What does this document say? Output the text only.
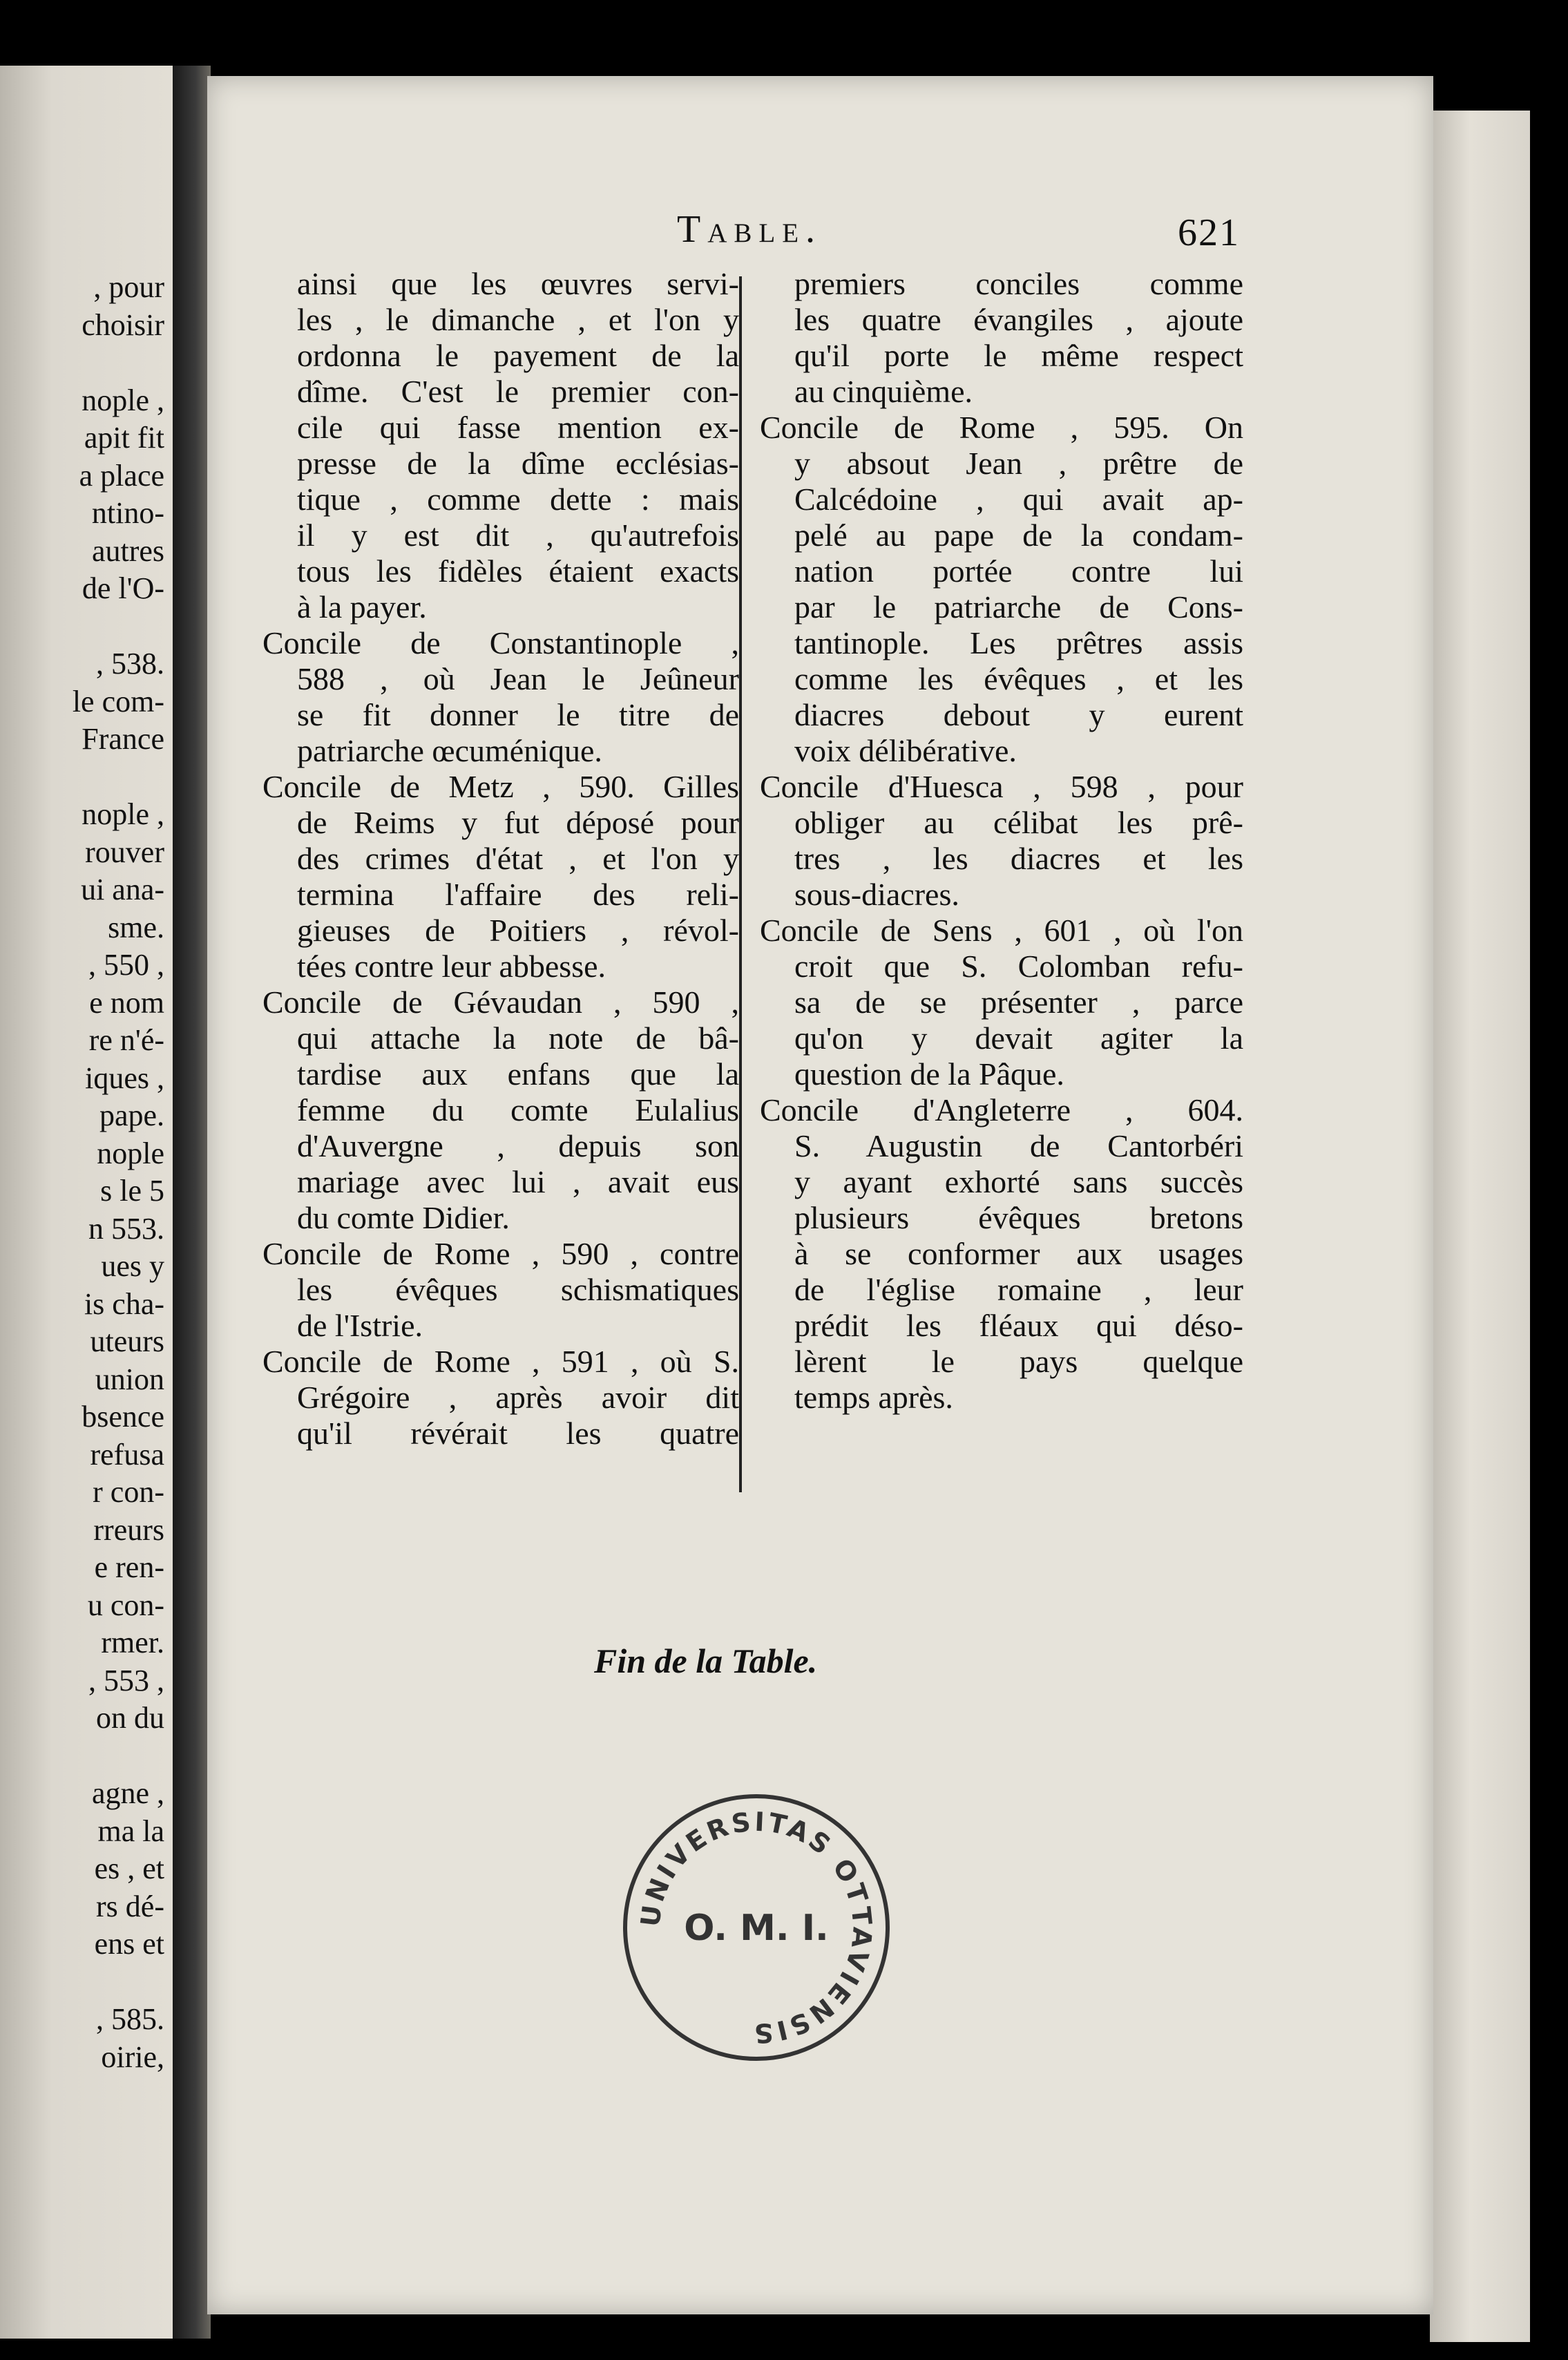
, pour
choisir
nople ,
apit fit
a place
ntino-
autres
de l'O-
, 538.
le com-
France
nople ,
rouver
ui ana-
sme.
, 550 ,
e nom
re n'é-
iques ,
pape.
nople
s le 5
n 553.
ues y
is cha-
uteurs
union
bsence
refusa
r con-
rreurs
e ren-
u con-
rmer.
, 553 ,
on du
agne ,
ma la
es , et
rs dé-
ens et
, 585.
oirie,
Table.	621
ainsi que les œuvres servi-
les , le dimanche , et l'on y
ordonna le payement de la
dîme. C'est le premier con-
cile qui fasse mention ex-
presse de la dîme ecclésias-
tique , comme dette : mais
il y est dit , qu'autrefois
tous les fidèles étaient exacts
à la payer.
Concile de Constantinople ,
588 , où Jean le Jeûneur
se fit donner le titre de
patriarche œcuménique.
Concile de Metz , 590. Gilles
de Reims y fut déposé pour
des crimes d'état , et l'on y
termina l'affaire des reli-
gieuses de Poitiers , révol-
tées contre leur abbesse.
Concile de Gévaudan , 590 ,
qui attache la note de bâ-
tardise aux enfans que la
femme du comte Eulalius
d'Auvergne , depuis son
mariage avec lui , avait eus
du comte Didier.
Concile de Rome , 590 , contre
les évêques schismatiques
de l'Istrie.
Concile de Rome , 591 , où S.
Grégoire , après avoir dit
qu'il révérait les quatre
premiers conciles comme
les quatre évangiles , ajoute
qu'il porte le même respect
au cinquième.
Concile de Rome , 595. On
y absout Jean , prêtre de
Calcédoine , qui avait ap-
pelé au pape de la condam-
nation portée contre lui
par le patriarche de Cons-
tantinople. Les prêtres assis
comme les évêques , et les
diacres debout y eurent
voix délibérative.
Concile d'Huesca , 598 , pour
obliger au célibat les prê-
tres , les diacres et les
sous-diacres.
Concile de Sens , 601 , où l'on
croit que S. Colomban refu-
sa de se présenter , parce
qu'on y devait agiter la
question de la Pâque.
Concile d'Angleterre , 604.
S. Augustin de Cantorbéri
y ayant exhorté sans succès
plusieurs évêques bretons
à se conformer aux usages
de l'église romaine , leur
prédit les fléaux qui déso-
lèrent le pays quelque
temps après.
Fin de la Table.
UNIVERSITAS OTTAVIENSIS
O. M. I.
